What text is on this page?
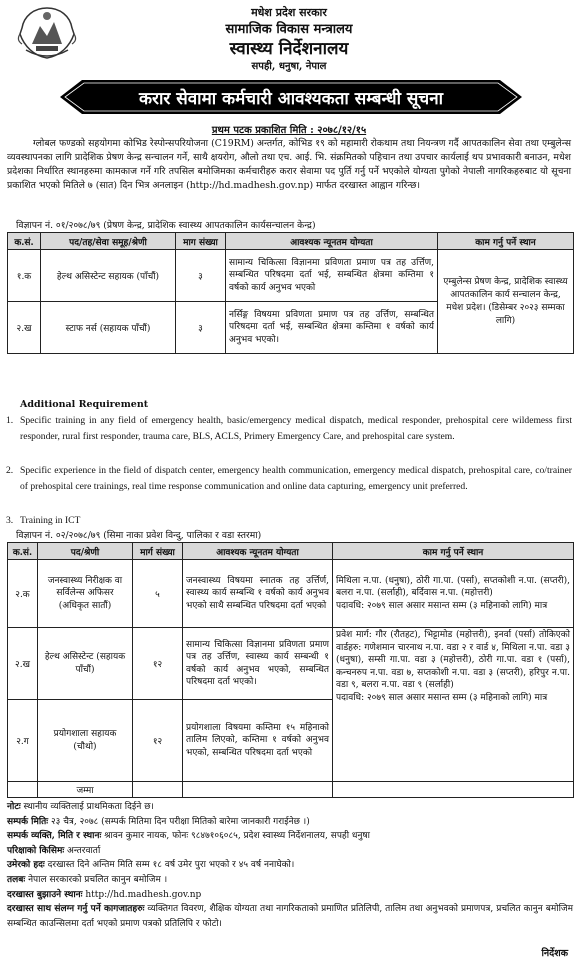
मधेश प्रदेश सरकार
सामाजिक विकास मन्त्रालय
स्वास्थ्य निर्देशनालय
सपही, धनुषा, नेपाल
करार सेवामा कर्मचारी आवश्यकता सम्बन्धी सूचना
प्रथम पटक प्रकाशित मिति : २०७८/१२/१५
ग्लोबल फण्डको सहयोगमा कोभिड रेस्पोन्सपरियोजना (C19RM) अन्तर्गत, कोभिड १९ को महामारी रोकथाम तथा नियन्त्रण गर्दै आपतकालिन सेवा तथा एम्बुलेन्स व्यवस्थापनका लागि प्रादेशिक प्रेषण केन्द्र सन्चालन गर्ने, साथै क्षयरोग, औलो तथा एच. आई. भि. संक्रमितको पहिचान तथा उपचार कार्यलाई थप प्रभावकारी बनाउन, मधेश प्रदेशका निर्धारित स्थानहरुमा कामकाज गर्ने गरि तपसिल बमोजिमका कर्मचारीहरु करार सेवामा पद पुर्ति गर्नु पर्ने भएकोले योग्यता पुगेको नेपाली नागरिकहरुबाट यो सूचना प्रकाशित भएको मितिले ७ (सात) दिन भित्र अनलाइन (http://hd.madhesh.gov.np) मार्फत दरखास्त आह्वान गरिन्छ।
विज्ञापन नं. ०१/२०७८/७९ (प्रेषण केन्द्र, प्रादेशिक स्वास्थ्य आपतकालिन कार्यसन्चालन केन्द्र)
क.सं.	पद/तह/सेवा समूह/श्रेणी	माग संख्या	आवश्यक न्यूनतम योग्यता	काम गर्नु पर्ने स्थान
१.क	हेल्थ असिस्टेन्ट सहायक (पाँचौं)	३	सामान्य चिकित्सा विज्ञानमा प्रविणता प्रमाण पत्र तह उर्त्तिण, सम्बन्धित परिषदमा दर्ता भई, सम्बन्धित क्षेत्रमा कम्तिमा १ वर्षको कार्य अनुभव भएको	एम्बुलेन्स प्रेषण केन्द्र, प्रादेशिक स्वास्थ्य आपतकालिन कार्य सन्चालन केन्द्र, मधेश प्रदेश। (डिसेम्बर २०२३ सम्मका लागि)
२.ख	स्टाफ नर्स (सहायक पाँचौं)	३	नर्सिङ्ग विषयमा प्रविणता प्रमाण पत्र तह उर्त्तिण, सम्बन्धित परिषदमा दर्ता भई, सम्बन्धित क्षेत्रमा कम्तिमा १ वर्षको कार्य अनुभव भएको।	
Additional Requirement
1. Specific training in any field of emergency health, basic/emergency medical dispatch, medical responder, prehospital cere wildemess first responder, rural first responder, trauma care, BLS, ACLS, Primery Emergency Care, and prehospital care system.
2. Specific experience in the field of dispatch center, emergency health communication, emergency medical dispatch, prehospital care, co/trainer of prehospital cere trainings, real time response communication and online data capturing, emergency unit preferred.
3. Training in ICT
विज्ञापन नं. ०२/२०७८/७९ (सिमा नाका प्रवेश विन्दु, पालिका र वडा स्तरमा)
क.सं.	पद/श्रेणी	मार्ग संख्या	आवश्यक न्यूनतम योग्यता	काम गर्नु पर्ने स्थान
२.क	जनस्वास्थ्य निरीक्षक वा सर्विलेन्स अफिसर (अधिकृत सातौं)	५	जनस्वास्थ्य विषयमा स्नातक तह उर्त्तिर्ण, स्वास्थ्य कार्य सम्बन्धि १ वर्षको कार्य अनुभव भएको साथै सम्बन्धित परिषदमा दर्ता भएको	मिथिला न.पा. (धनुषा), ठोरी गा.पा. (पर्सा), सप्तकोशी न.पा. (सप्तरी), बलरा न.पा. (सर्लाही), बर्दिवास न.पा. (महोत्तरी)
पदावधि: २०७९ साल असार मसान्त सम्म (३ महिनाको लागि) मात्र

२.ख	हेल्थ असिस्टेन्ट (सहायक पाँचौं)	१२	सामान्य चिकित्सा विज्ञानमा प्रविणता प्रमाण पत्र तह उर्त्तिण, स्वास्थ्य कार्य सम्बन्धी १ वर्षको कार्य अनुभव भएको, सम्बन्धित परिषदमा दर्ता भएको।	प्रवेश मार्ग: गौर (रौतहट), भिट्टामोड (महोत्तरी), इनर्वा (पर्सा) तोकिएको वार्डहरु: गणेशमान चारनाथ न.पा. वडा २ र वार्ड ४, मिथिला न.पा. वडा ३ (धनुषा), सम्सी गा.पा. वडा ३ (महोत्तरी), ठोरी गा.पा. वडा १ (पर्सा), कन्चनरुप न.पा. वडा ७, सप्तकोशी न.पा. वडा ३ (सप्तरी), हरिपुर न.पा. वडा ९, बलरा न.पा. वडा ९ (सर्लाही)
पदावधि: २०७९ साल असार मसान्त सम्म (३ महिनाको लागि) मात्र

२.ग	प्रयोगशाला सहायक (चौथो)	१२	प्रयोगशाला विषयमा कम्तिमा १५ महिनाको तालिम लिएको, कम्तिमा १ वर्षको अनुभव भएको, सम्बन्धित परिषदमा दर्ता भएको	
	जम्मा			
नोटः स्थानीय व्यक्तिलाई प्राथमिकता दिईने छ।
सम्पर्क मितिः २३ चैत्र, २०७८ (सम्पर्क मितिमा दिन परीक्षा मितिको बारेमा जानकारी गराईनेछ ।)
सम्पर्क व्यक्ति, मिति र स्थानः श्रावन कुमार नायक, फोनः ९८४७१०६०८५, प्रदेश स्वास्थ्य निर्देशनालय, सपही धनुषा
परिक्षाको किसिमः अन्तरवार्ता
उमेरको हदः दरखास्त दिने अन्तिम मिति सम्म १८ वर्ष उमेर पुरा भएको र ४५ वर्ष ननाघेको।
तलबः नेपाल सरकारको प्रचलित कानुन बमोजिम ।
दरखास्त बुझाउने स्थानः http://hd.madhesh.gov.np
दरखास्त साथ संलग्न गर्नु पर्ने कागजातहरुः व्यक्तिगत विवरण, शैक्षिक योग्यता तथा नागरिकताको प्रमाणित प्रतिलिपी, तालिम तथा अनुभवको प्रमाणपत्र, प्रचलित कानुन बमोजिम सम्बन्धित काउन्सिलमा दर्ता भएको प्रमाण पत्रको प्रतिलिपि र फोटो।
निर्देशक
